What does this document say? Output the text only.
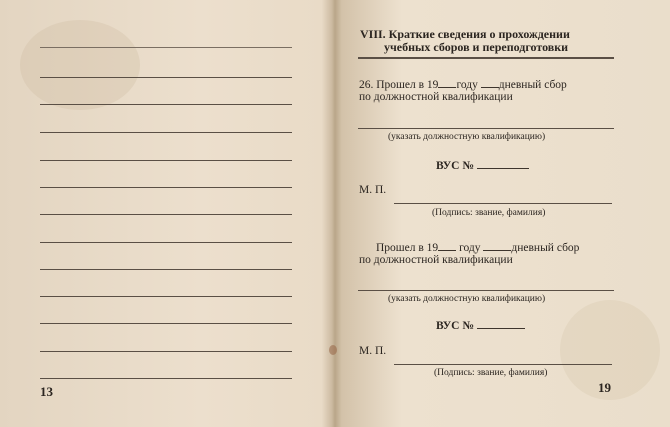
13
VIII. Краткие сведения о прохождении
учебных сборов и переподготовки
26. Прошел в 19 году дневный сбор
по должностной квалификации
(указать должностную квалификацию)
ВУС №
М. П.
(Подпись: звание, фамилия)
Прошел в 19 году	дневный сбор
по должностной квалификации
(указать должностную квалификацию)
ВУС №
М. П.
(Подпись: звание, фамилия)
19
